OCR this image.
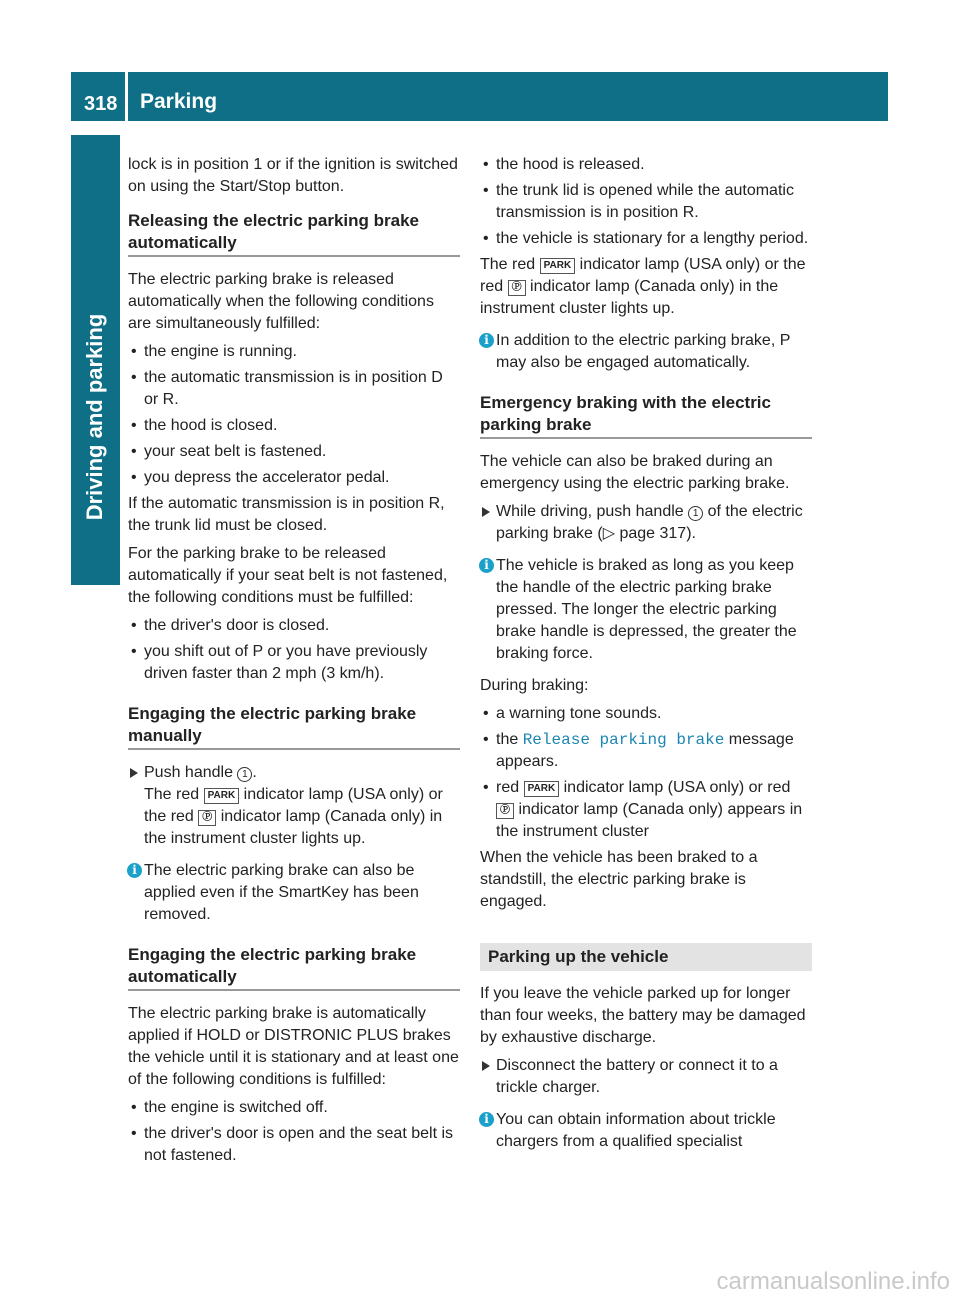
318 Parking
Driving and parking

lock is in position 1 or if the ignition is switched on using the Start/Stop button.

Releasing the electric parking brake automatically

The electric parking brake is released automatically when the following conditions are simultaneously fulfilled:

• the engine is running.
• the automatic transmission is in position D or R.
• the hood is closed.
• your seat belt is fastened.
• you depress the accelerator pedal.

If the automatic transmission is in position R, the trunk lid must be closed.

For the parking brake to be released automatically if your seat belt is not fastened, the following conditions must be fulfilled:

• the driver's door is closed.
• you shift out of P or you have previously driven faster than 2 mph (3 km/h).
Engaging the electric parking brake manually
Push handle 1 .
The red PARK indicator lamp (USA only) or the red Ⓟ indicator lamp (Canada only) in the instrument cluster lights up.
i The electric parking brake can also be applied even if the SmartKey has been removed.
Engaging the electric parking brake automatically

The electric parking brake is automatically applied if HOLD or DISTRONIC PLUS brakes the vehicle until it is stationary and at least one of the following conditions is fulfilled:

• the engine is switched off.
• the driver's door is open and the seat belt is not fastened.
• the hood is released.
• the trunk lid is opened while the automatic transmission is in position R.
• the vehicle is stationary for a lengthy period.

The red PARK indicator lamp (USA only) or the red Ⓟ indicator lamp (Canada only) in the instrument cluster lights up.

i In addition to the electric parking brake, P may also be engaged automatically.
Emergency braking with the electric parking brake

The vehicle can also be braked during an emergency using the electric parking brake.

While driving, push handle 1 of the electric parking brake (▷ page 317).
i The vehicle is braked as long as you keep the handle of the electric parking brake pressed. The longer the electric parking brake handle is depressed, the greater the braking force.

During braking:

• a warning tone sounds.
• the Release parking brake message appears.
• red PARK indicator lamp (USA only) or red Ⓟ indicator lamp (Canada only) appears in the instrument cluster

When the vehicle has been braked to a standstill, the electric parking brake is engaged.

Parking up the vehicle

If you leave the vehicle parked up for longer than four weeks, the battery may be damaged by exhaustive discharge.

Disconnect the battery or connect it to a trickle charger.
i You can obtain information about trickle chargers from a qualified specialist
carmanualsonline.info
